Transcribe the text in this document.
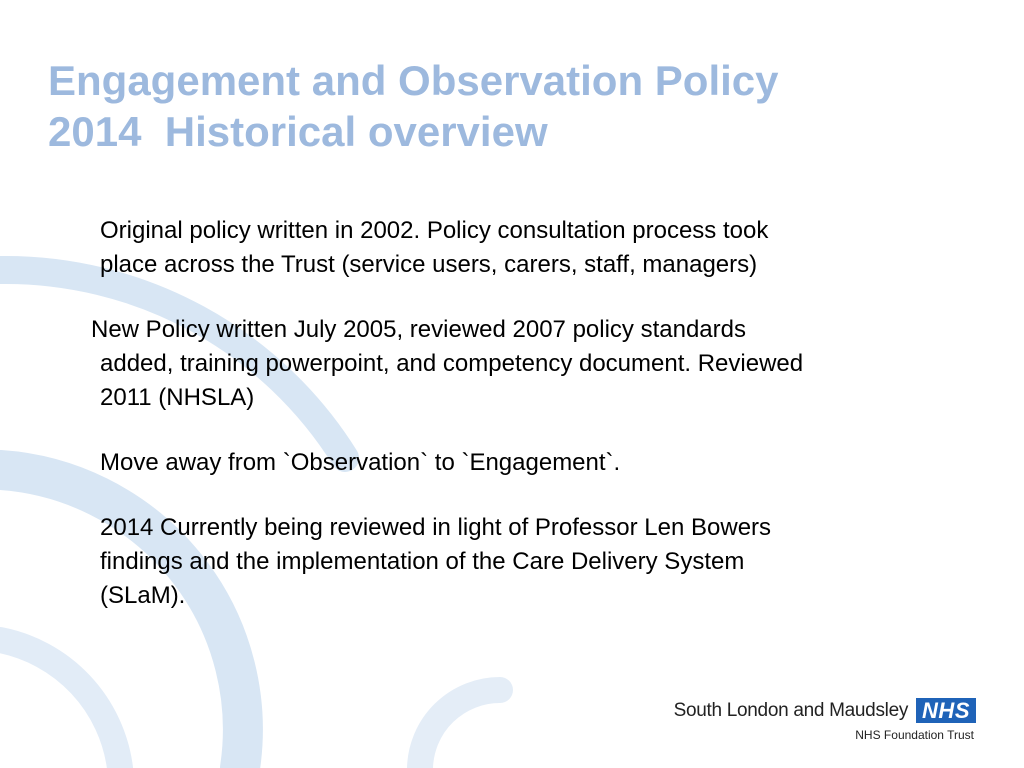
Engagement and Observation Policy
2014  Historical overview

Original policy written in 2002. Policy consultation process took
place across the Trust (service users, carers, staff, managers)

New Policy written July 2005, reviewed 2007 policy standards
added, training powerpoint, and competency document. Reviewed
2011 (NHSLA)

Move away from `Observation` to `Engagement`.

2014 Currently being reviewed in light of Professor Len Bowers
findings and the implementation of the Care Delivery System
(SLaM).

South London and Maudsley NHS
NHS Foundation Trust
